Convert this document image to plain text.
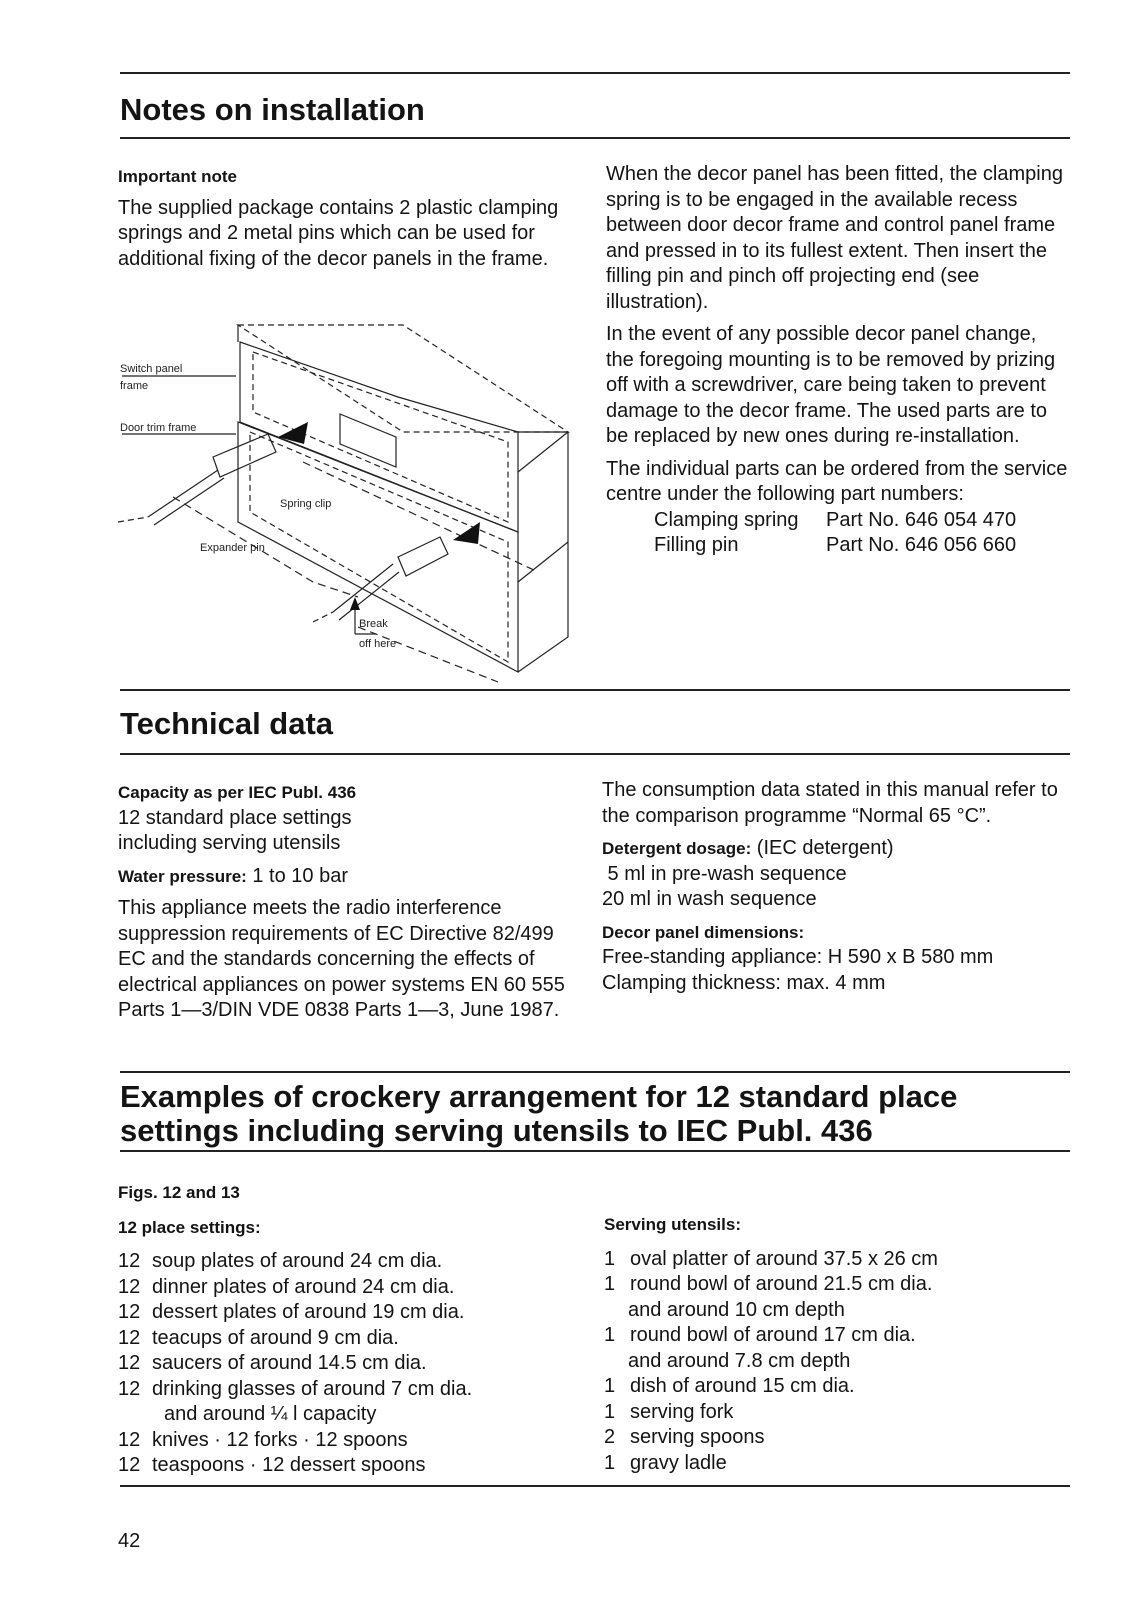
Notes on installation
Important note

The supplied package contains 2 plastic clamping springs and 2 metal pins which can be used for additional fixing of the decor panels in the frame.

Switch panel
frame
Door trim frame
Spring clip
Expander pin
Break
off here

When the decor panel has been fitted, the clamping spring is to be engaged in the available recess between door decor frame and control panel frame and pressed in to its fullest extent. Then insert the filling pin and pinch off projecting end (see illustration).

In the event of any possible decor panel change, the foregoing mounting is to be removed by prizing off with a screwdriver, care being taken to prevent damage to the decor frame. The used parts are to be replaced by new ones during re-installation.

The individual parts can be ordered from the service centre under the following part numbers:

Clamping spring	Part No. 646 054 470
Filling pin	Part No. 646 056 660
Technical data
Capacity as per IEC Publ. 436
12 standard place settings
including serving utensils

Water pressure: 1 to 10 bar

This appliance meets the radio interference suppression requirements of EC Directive 82/499 EC and the standards concerning the effects of electrical appliances on power systems EN 60 555 Parts 1—3/DIN VDE 0838 Parts 1—3, June 1987.

The consumption data stated in this manual refer to the comparison programme “Normal 65 °C”.

Detergent dosage: (IEC detergent)
5 ml in pre-wash sequence
20 ml in wash sequence
Decor panel dimensions:
Free-standing appliance: H 590 x B 580 mm
Clamping thickness: max. 4 mm
Examples of crockery arrangement for 12 standard place
settings including serving utensils to IEC Publ. 436
Figs. 12 and 13
12 place settings:
12 soup plates of around 24 cm dia.
12 dinner plates of around 24 cm dia.
12 dessert plates of around 19 cm dia.
12 teacups of around 9 cm dia.
12 saucers of around 14.5 cm dia.
12 drinking glasses of around 7 cm dia.
and around ¼ l capacity
12 knives · 12 forks · 12 spoons
12 teaspoons · 12 dessert spoons
Serving utensils:
1 oval platter of around 37.5 x 26 cm
1 round bowl of around 21.5 cm dia.
and around 10 cm depth
1 round bowl of around 17 cm dia.
and around 7.8 cm depth
1 dish of around 15 cm dia.
1 serving fork
2 serving spoons
1 gravy ladle
42
